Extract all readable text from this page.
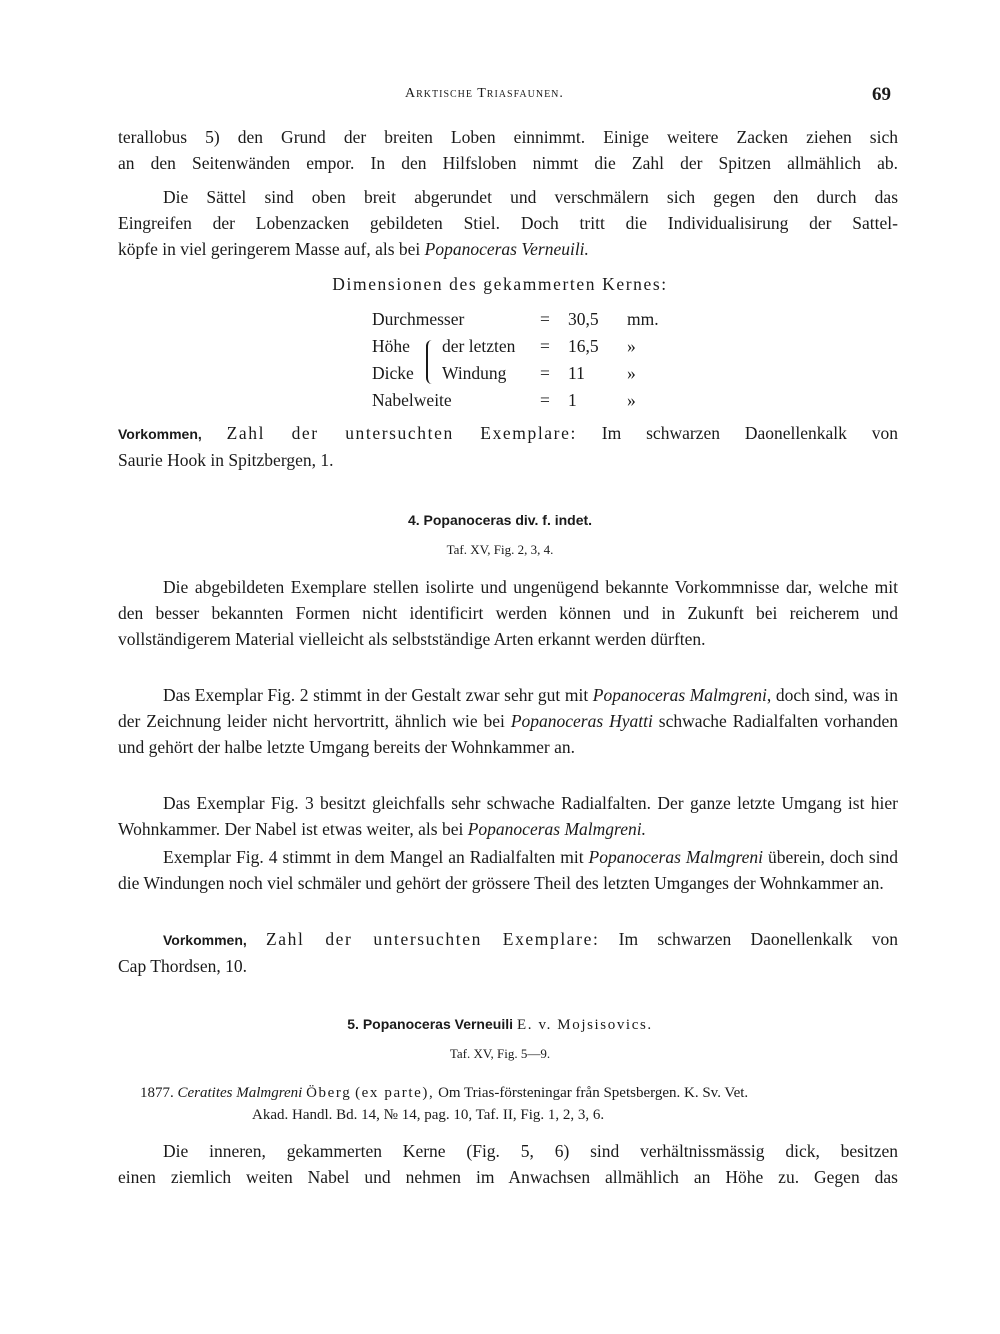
Arktische Triasfaunen.	69
terallobus 5) den Grund der breiten Loben einnimmt. Einige weitere Zacken ziehen sich
an den Seitenwänden empor. In den Hilfsloben nimmt die Zahl der Spitzen allmählich ab.
Die Sättel sind oben breit abgerundet und verschmälern sich gegen den durch das
Eingreifen der Lobenzacken gebildeten Stiel. Doch tritt die Individualisirung der Sattel-
köpfe in viel geringerem Masse auf, als bei Popanoceras Verneuili.
Dimensionen des gekammerten Kernes:
Durchmesser	= 30,5 mm.
Höhe der letzten = 16,5 »
Dicke Windung = 11 »
Nabelweite	= 1	»
Vorkommen, Zahl der untersuchten Exemplare: Im schwarzen Daonellenkalk von
Saurie Hook in Spitzbergen, 1.
4. Popanoceras div. f. indet.
Taf. XV, Fig. 2, 3, 4.

Die abgebildeten Exemplare stellen isolirte und ungenügend bekannte Vorkommnisse dar, welche mit den besser bekannten Formen nicht identificirt werden können und in Zukunft bei reicherem und vollständigerem Material vielleicht als selbstständige Arten erkannt werden dürften.

Das Exemplar Fig. 2 stimmt in der Gestalt zwar sehr gut mit Popanoceras Malmgreni, doch sind, was in der Zeichnung leider nicht hervortritt, ähnlich wie bei Popanoceras Hyatti schwache Radialfalten vorhanden und gehört der halbe letzte Umgang bereits der Wohnkammer an.

Das Exemplar Fig. 3 besitzt gleichfalls sehr schwache Radialfalten. Der ganze letzte Umgang ist hier Wohnkammer. Der Nabel ist etwas weiter, als bei Popanoceras Malmgreni.

Exemplar Fig. 4 stimmt in dem Mangel an Radialfalten mit Popanoceras Malmgreni überein, doch sind die Windungen noch viel schmäler und gehört der grössere Theil des letzten Umganges der Wohnkammer an.

Vorkommen, Zahl der untersuchten Exemplare: Im schwarzen Daonellenkalk von
Cap Thordsen, 10.
5. Popanoceras Verneuili E. v. Mojsisovics.
Taf. XV, Fig. 5—9.
1877. Ceratites Malmgreni Öberg (ex parte), Om Trias-försteningar från Spetsbergen. K. Sv. Vet.
Akad. Handl. Bd. 14, № 14, pag. 10, Taf. II, Fig. 1, 2, 3, 6.
Die inneren, gekammerten Kerne (Fig. 5, 6) sind verhältnissmässig dick, besitzen
einen ziemlich weiten Nabel und nehmen im Anwachsen allmählich an Höhe zu. Gegen das
